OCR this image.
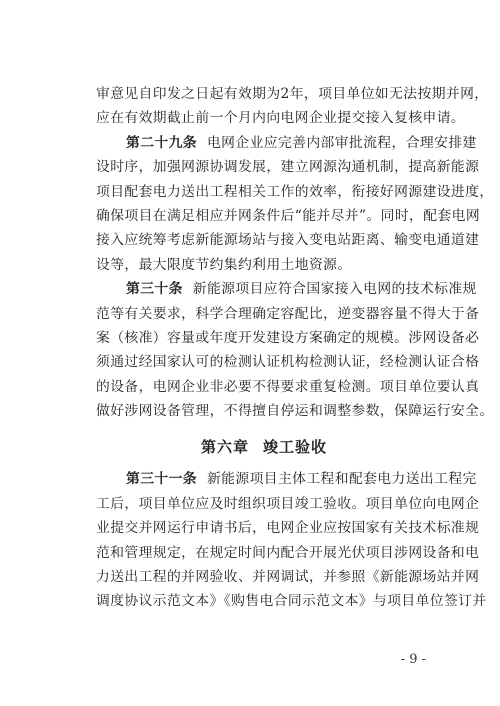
审意见自印发之日起有效期为2年，项目单位如无法按期并网，
应在有效期截止前一个月内向电网企业提交接入复核申请。
第二十九条 电网企业应完善内部审批流程，合理安排建
设时序，加强网源协调发展，建立网源沟通机制，提高新能源
项目配套电力送出工程相关工作的效率，衔接好网源建设进度，
确保项目在满足相应并网条件后“能并尽并”。同时，配套电网
接入应统筹考虑新能源场站与接入变电站距离、输变电通道建
设等，最大限度节约集约利用土地资源。
第三十条 新能源项目应符合国家接入电网的技术标准规
范等有关要求，科学合理确定容配比，逆变器容量不得大于备
案（核准）容量或年度开发建设方案确定的规模。涉网设备必
须通过经国家认可的检测认证机构检测认证，经检测认证合格
的设备，电网企业非必要不得要求重复检测。项目单位要认真
做好涉网设备管理，不得擅自停运和调整参数，保障运行安全。
第六章 竣工验收
第三十一条 新能源项目主体工程和配套电力送出工程完
工后，项目单位应及时组织项目竣工验收。项目单位向电网企
业提交并网运行申请书后，电网企业应按国家有关技术标准规
范和管理规定，在规定时间内配合开展光伏项目涉网设备和电
力送出工程的并网验收、并网调试，并参照《新能源场站并网
调度协议示范文本》《购售电合同示范文本》与项目单位签订并
- 9 -
